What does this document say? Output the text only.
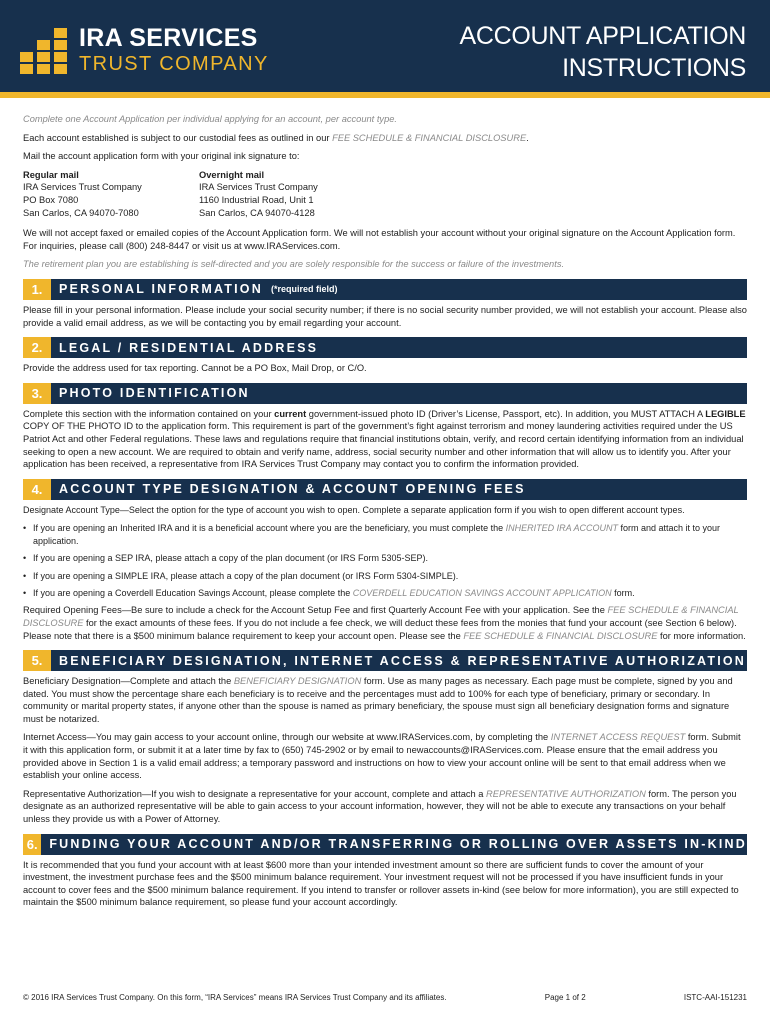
IRA SERVICES
TRUST COMPANY
ACCOUNT APPLICATION
INSTRUCTIONS

Complete one Account Application per individual applying for an account, per account type.

Each account established is subject to our custodial fees as outlined in our FEE SCHEDULE & FINANCIAL DISCLOSURE.

Mail the account application form with your original ink signature to:

Regular mail
IRA Services Trust Company
PO Box 7080
San Carlos, CA 94070-7080
Overnight mail
IRA Services Trust Company
1160 Industrial Road, Unit 1
San Carlos, CA 94070-4128

We will not accept faxed or emailed copies of the Account Application form. We will not establish your account without your original signature on the Account Application form. For inquiries, please call (800) 248-8447 or visit us at www.IRAServices.com.

The retirement plan you are establishing is self-directed and you are solely responsible for the success or failure of the investments.

1.	PERSONAL INFORMATION (*required field)

Please fill in your personal information. Please include your social security number; if there is no social security number provided, we will not establish your account. Please also provide a valid email address, as we will be contacting you by email regarding your account.

2.	LEGAL / RESIDENTIAL ADDRESS

Provide the address used for tax reporting. Cannot be a PO Box, Mail Drop, or C/O.

3.	PHOTO IDENTIFICATION

Complete this section with the information contained on your current government-issued photo ID (Driver’s License, Passport, etc). In addition, you MUST ATTACH A LEGIBLE COPY OF THE PHOTO ID to the application form. This requirement is part of the government’s fight against terrorism and money laundering activities required under the US Patriot Act and other Federal regulations. These laws and regulations require that financial institutions obtain, verify, and record certain identifying information from an individual seeking to open a new account. We are required to obtain and verify name, address, social security number and other information that will allow us to identify you. After your application has been received, a representative from IRA Services Trust Company may contact you to confirm the information provided.

4.	ACCOUNT TYPE DESIGNATION & ACCOUNT OPENING FEES

Designate Account Type—Select the option for the type of account you wish to open. Complete a separate application form if you wish to open different account types.

• If you are opening an Inherited IRA and it is a beneficial account where you are the beneficiary, you must complete the INHERITED IRA ACCOUNT form and attach it to your application.
• If you are opening a SEP IRA, please attach a copy of the plan document (or IRS Form 5305-SEP).
• If you are opening a SIMPLE IRA, please attach a copy of the plan document (or IRS Form 5304-SIMPLE).
• If you are opening a Coverdell Education Savings Account, please complete the COVERDELL EDUCATION SAVINGS ACCOUNT APPLICATION form.

Required Opening Fees—Be sure to include a check for the Account Setup Fee and first Quarterly Account Fee with your application. See the FEE SCHEDULE & FINANCIAL DISCLOSURE for the exact amounts of these fees. If you do not include a fee check, we will deduct these fees from the monies that fund your account (see Section 6 below). Please note that there is a $500 minimum balance requirement to keep your account open. Please see the FEE SCHEDULE & FINANCIAL DISCLOSURE for more information.

5.	BENEFICIARY DESIGNATION, INTERNET ACCESS & REPRESENTATIVE AUTHORIZATION

Beneficiary Designation—Complete and attach the BENEFICIARY DESIGNATION form. Use as many pages as necessary. Each page must be complete, signed by you and dated. You must show the percentage share each beneficiary is to receive and the percentages must add to 100% for each type of beneficiary, primary or secondary. In community or marital property states, if anyone other than the spouse is named as primary beneficiary, the spouse must sign all beneficiary designation forms and signature must be notarized.

Internet Access—You may gain access to your account online, through our website at www.IRAServices.com, by completing the INTERNET ACCESS REQUEST form. Submit it with this application form, or submit it at a later time by fax to (650) 745-2902 or by email to newaccounts@IRAServices.com. Please ensure that the email address you provided above in Section 1 is a valid email address; a temporary password and instructions on how to view your account online will be sent to that email address when we establish your online access.

Representative Authorization—If you wish to designate a representative for your account, complete and attach a REPRESENTATIVE AUTHORIZATION form. The person you designate as an authorized representative will be able to gain access to your account information, however, they will not be able to execute any transactions on your behalf unless they provide us with a Power of Attorney.

6. FUNDING YOUR ACCOUNT AND/OR TRANSFERRING OR ROLLING OVER ASSETS IN-KIND

It is recommended that you fund your account with at least $600 more than your intended investment amount so there are sufficient funds to cover the amount of your investment, the investment purchase fees and the $500 minimum balance requirement. Your investment request will not be processed if you have insufficient funds in your account to cover fees and the $500 minimum balance requirement. If you intend to transfer or rollover assets in-kind (see below for more information), you are still expected to maintain the $500 minimum balance requirement, so please fund your account accordingly.

© 2016 IRA Services Trust Company. On this form, “IRA Services” means IRA Services Trust Company and its affiliates.	Page 1 of 2	ISTC-AAI-151231
